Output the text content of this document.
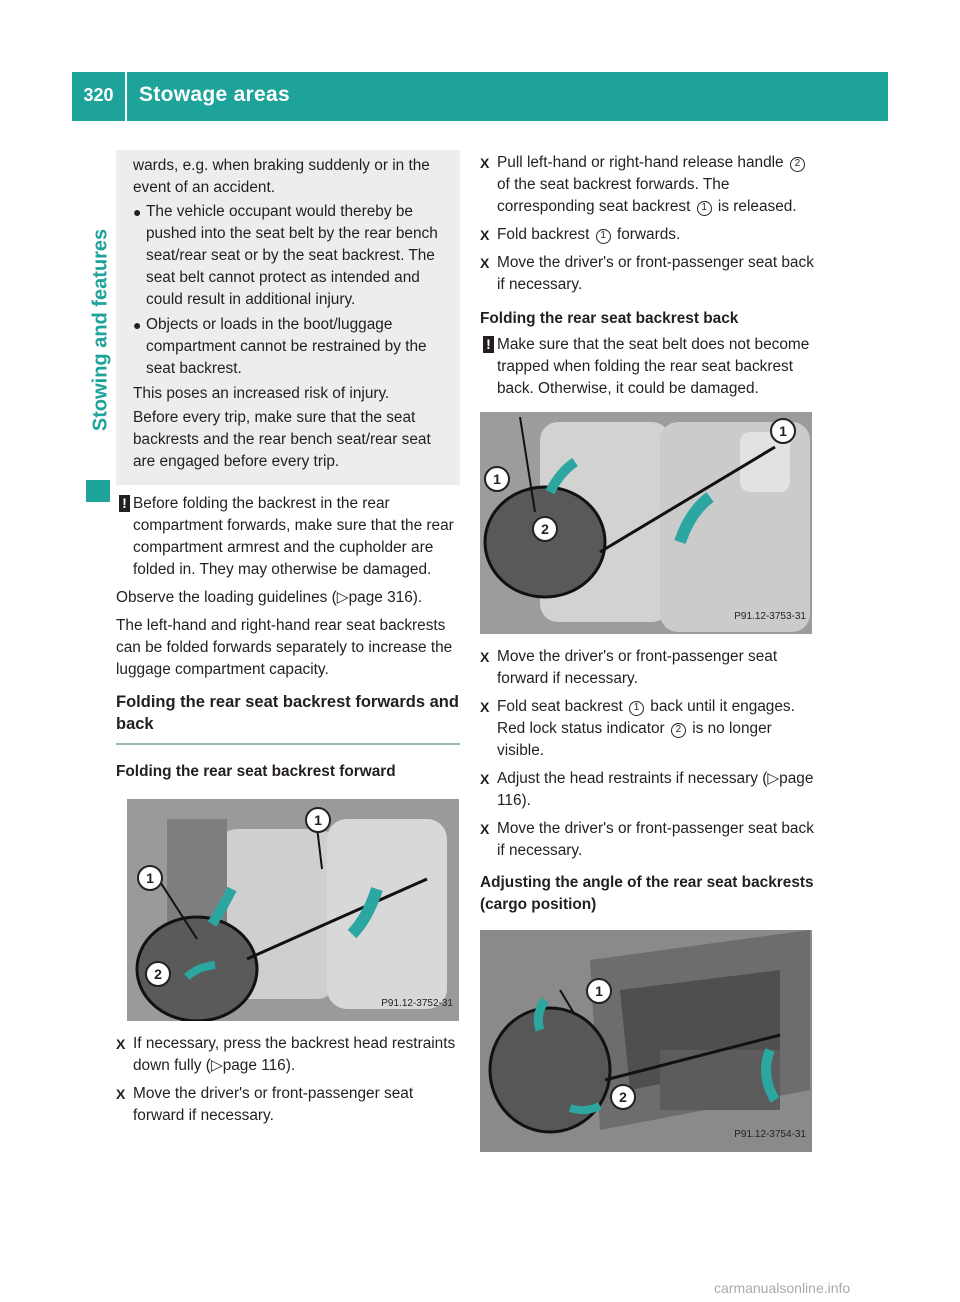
320	Stowage areas
Stowing and features

wards, e.g. when braking suddenly or in the event of an accident.

● The vehicle occupant would thereby be pushed into the seat belt by the rear bench seat/rear seat or by the seat backrest. The seat belt cannot protect as intended and could result in additional injury.
● Objects or loads in the boot/luggage compartment cannot be restrained by the seat backrest.

This poses an increased risk of injury.

Before every trip, make sure that the seat backrests and the rear bench seat/rear seat are engaged before every trip.

! Before folding the backrest in the rear compartment forwards, make sure that the rear compartment armrest and the cupholder are folded in. They may otherwise be damaged.

Observe the loading guidelines (▷page 316).

The left-hand and right-hand rear seat backrests can be folded forwards separately to increase the luggage compartment capacity.

Folding the rear seat backrest forwards and back
Folding the rear seat backrest forward
1
1
2
P91.12-3752-31
X If necessary, press the backrest head restraints down fully (▷page 116).
X Move the driver's or front-passenger seat forward if necessary.
X Pull left-hand or right-hand release handle 2 of the seat backrest forwards. The corresponding seat backrest 1 is released.
X Fold backrest 1 forwards.
X Move the driver's or front-passenger seat back if necessary.
Folding the rear seat backrest back
! Make sure that the seat belt does not become trapped when folding the rear seat backrest back. Otherwise, it could be damaged.
1
1
2
P91.12-3753-31
X Move the driver's or front-passenger seat forward if necessary.
X Fold seat backrest 1 back until it engages. Red lock status indicator 2 is no longer visible.
X Adjust the head restraints if necessary (▷page 116).
X Move the driver's or front-passenger seat back if necessary.
Adjusting the angle of the rear seat backrests (cargo position)
1
2
P91.12-3754-31
carmanualsonline.info
